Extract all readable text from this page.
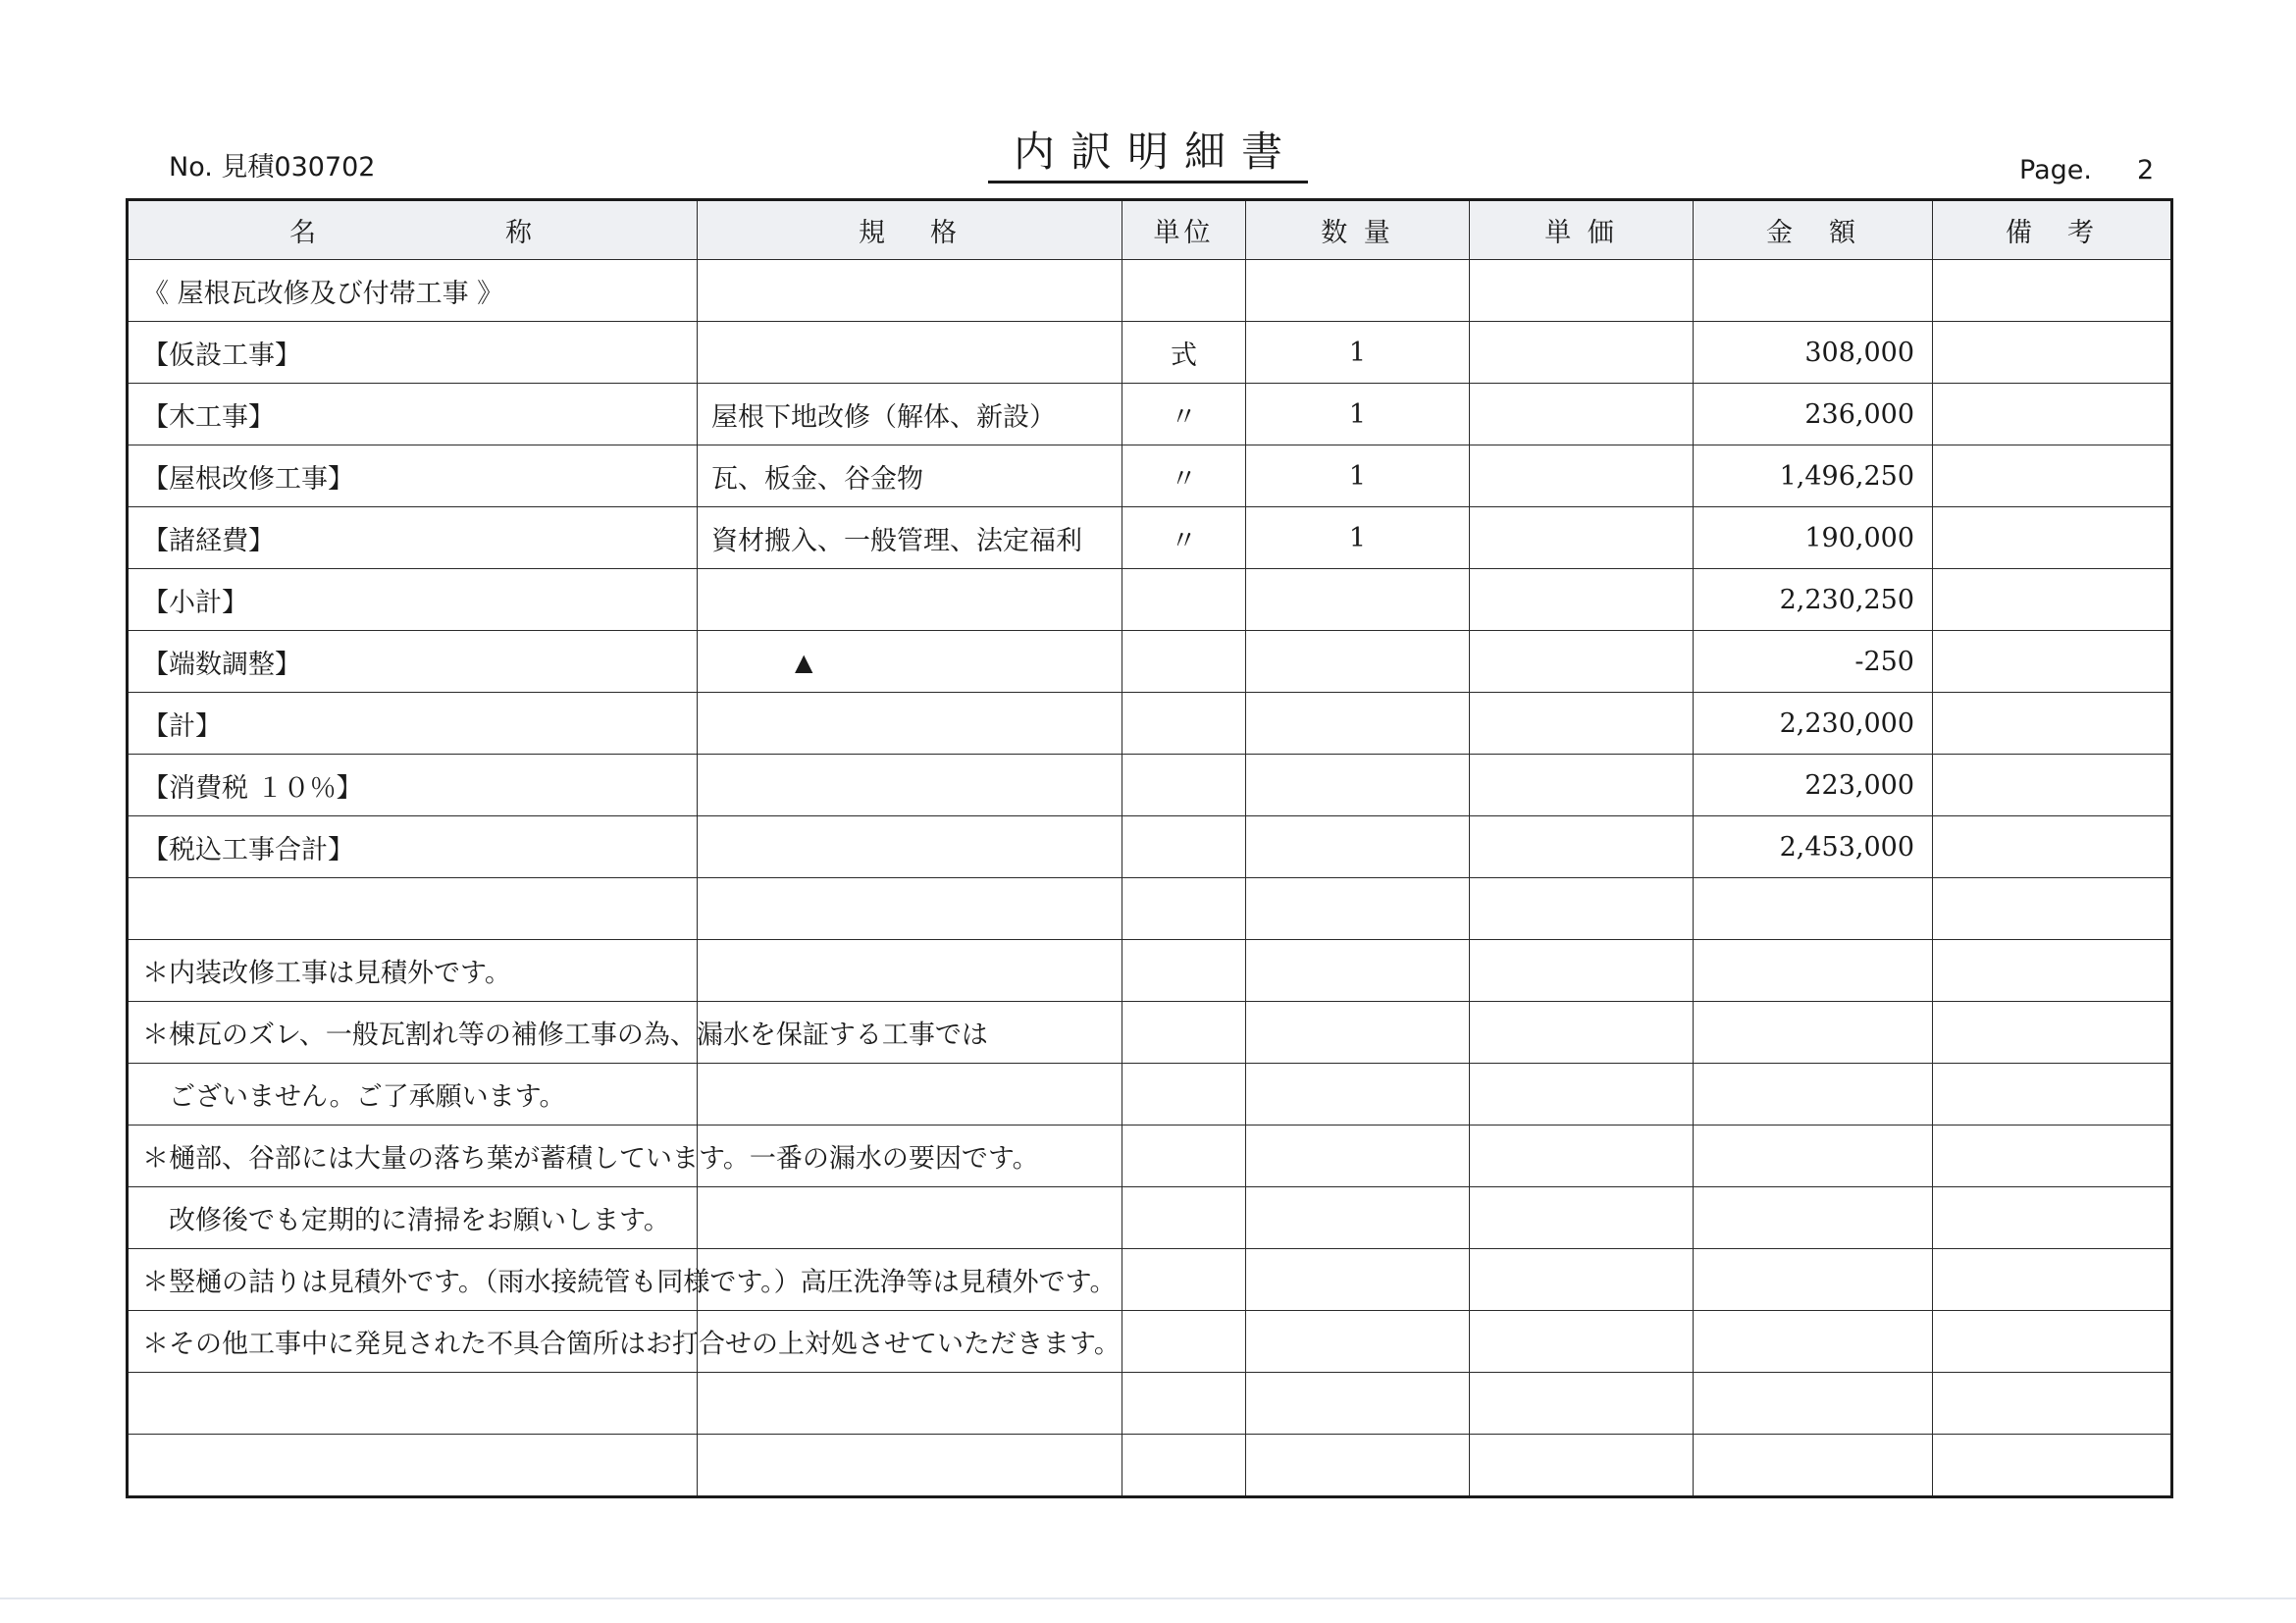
No. 見積030702	内訳明細書	Page. 2
名 称	規 格	単位	数 量	単 価	金 額	備 考

《 屋根瓦改修及び付帯工事 》						
【仮設工事】		式	1		308,000	
【木工事】	屋根下地改修（解体、新設）	〃	1		236,000	
【屋根改修工事】	瓦、板金、谷金物	〃	1		1,496,250	
【諸経費】	資材搬入、一般管理、法定福利	〃	1		190,000	
【小計】					2,230,250	
【端数調整】	▲				-250	
【計】					2,230,000	
【消費税 １０％】					223,000	
【税込工事合計】					2,453,000	

＊内装改修工事は見積外です。						

＊棟瓦のズレ、一般瓦割れ等の補修工事の為、漏水を保証する工事では						

　ございません。ご了承願います。						

＊樋部、谷部には大量の落ち葉が蓄積しています。一番の漏水の要因です。						

　改修後でも定期的に清掃をお願いします。						

＊竪樋の詰りは見積外です。（雨水接続管も同様です。）高圧洗浄等は見積外です。						

＊その他工事中に発見された不具合箇所はお打合せの上対処させていただきます。						
